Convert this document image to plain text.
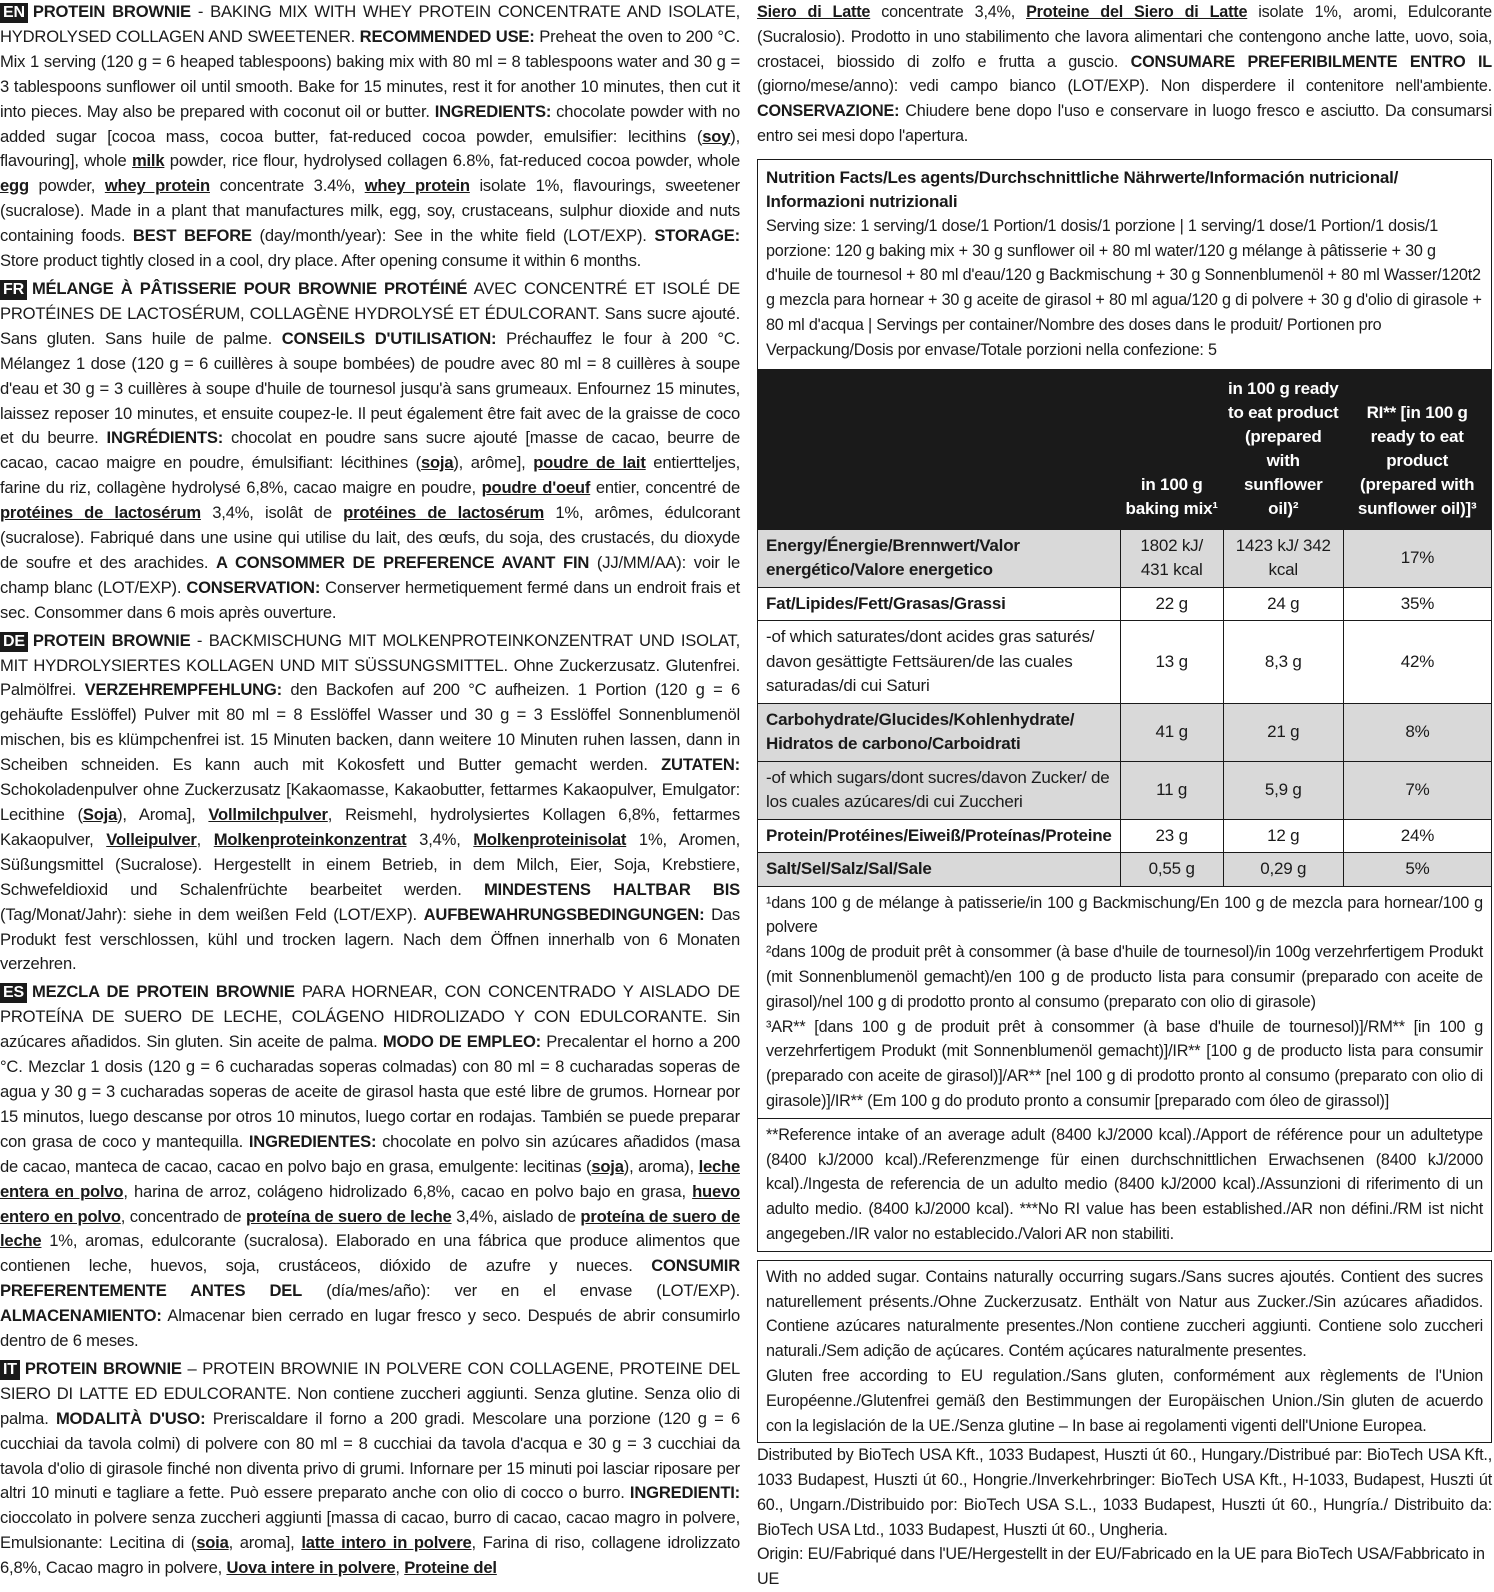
EN PROTEIN BROWNIE - BAKING MIX WITH WHEY PROTEIN CONCENTRATE AND ISOLATE, HYDROLYSED COLLAGEN AND SWEETENER. RECOMMENDED USE: Preheat the oven to 200 °C. Mix 1 serving (120 g = 6 heaped tablespoons) baking mix with 80 ml = 8 tablespoons water and 30 g = 3 tablespoons sunflower oil until smooth. Bake for 15 minutes, rest it for another 10 minutes, then cut it into pieces. May also be prepared with coconut oil or butter. INGREDIENTS: chocolate powder with no added sugar [cocoa mass, cocoa butter, fat-reduced cocoa powder, emulsifier: lecithins (soy), flavouring], whole milk powder, rice flour, hydrolysed collagen 6.8%, fat-reduced cocoa powder, whole egg powder, whey protein concentrate 3.4%, whey protein isolate 1%, flavourings, sweetener (sucralose). Made in a plant that manufactures milk, egg, soy, crustaceans, sulphur dioxide and nuts containing foods. BEST BEFORE (day/month/year): See in the white field (LOT/EXP). STORAGE: Store product tightly closed in a cool, dry place. After opening consume it within 6 months.

FR MÉLANGE À PÂTISSERIE POUR BROWNIE PROTÉINÉ AVEC CONCENTRÉ ET ISOLÉ DE PROTÉINES DE LACTOSÉRUM, COLLAGÈNE HYDROLYSÉ ET ÉDULCORANT. Sans sucre ajouté. Sans gluten. Sans huile de palme. CONSEILS D'UTILISATION: Préchauffez le four à 200 °C. Mélangez 1 dose (120 g = 6 cuillères à soupe bombées) de poudre avec 80 ml = 8 cuillères à soupe d'eau et 30 g = 3 cuillères à soupe d'huile de tournesol jusqu'à sans grumeaux. Enfournez 15 minutes, laissez reposer 10 minutes, et ensuite coupez-le. Il peut également être fait avec de la graisse de coco et du beurre. INGRÉDIENTS: chocolat en poudre sans sucre ajouté [masse de cacao, beurre de cacao, cacao maigre en poudre, émulsifiant: lécithines (soja), arôme], poudre de lait entiertteljes, farine du riz, collagène hydrolysé 6,8%, cacao maigre en poudre, poudre d'oeuf entier, concentré de protéines de lactosérum 3,4%, isolât de protéines de lactosérum 1%, arômes, édulcorant (sucralose). Fabriqué dans une usine qui utilise du lait, des œufs, du soja, des crustacés, du dioxyde de soufre et des arachides. A CONSOMMER DE PREFERENCE AVANT FIN (JJ/MM/AA): voir le champ blanc (LOT/EXP). CONSERVATION: Conserver hermetiquement fermé dans un endroit frais et sec. Consommer dans 6 mois après ouverture.

DE PROTEIN BROWNIE - BACKMISCHUNG MIT MOLKENPROTEINKONZENTRAT UND ISOLAT, MIT HYDROLYSIERTES KOLLAGEN UND MIT SÜSSUNGSMITTEL. Ohne Zuckerzusatz. Glutenfrei. Palmölfrei. VERZEHREMPFEHLUNG: den Backofen auf 200 °C aufheizen. 1 Portion (120 g = 6 gehäufte Esslöffel) Pulver mit 80 ml = 8 Esslöffel Wasser und 30 g = 3 Esslöffel Sonnenblumenöl mischen, bis es klümpchenfrei ist. 15 Minuten backen, dann weitere 10 Minuten ruhen lassen, dann in Scheiben schneiden. Es kann auch mit Kokosfett und Butter gemacht werden. ZUTATEN: Schokoladenpulver ohne Zuckerzusatz [Kakaomasse, Kakaobutter, fettarmes Kakaopulver, Emulgator: Lecithine (Soja), Aroma], Vollmilchpulver, Reismehl, hydrolysiertes Kollagen 6,8%, fettarmes Kakaopulver, Volleipulver, Molkenproteinkonzentrat 3,4%, Molkenproteinisolat 1%, Aromen, Süßungsmittel (Sucralose). Hergestellt in einem Betrieb, in dem Milch, Eier, Soja, Krebstiere, Schwefeldioxid und Schalenfrüchte bearbeitet werden. MINDESTENS HALTBAR BIS (Tag/Monat/Jahr): siehe in dem weißen Feld (LOT/EXP). AUFBEWAHRUNGSBEDINGUNGEN: Das Produkt fest verschlossen, kühl und trocken lagern. Nach dem Öffnen innerhalb von 6 Monaten verzehren.

ES MEZCLA DE PROTEIN BROWNIE PARA HORNEAR, CON CONCENTRADO Y AISLADO DE PROTEÍNA DE SUERO DE LECHE, COLÁGENO HIDROLIZADO Y CON EDULCORANTE. Sin azúcares añadidos. Sin gluten. Sin aceite de palma. MODO DE EMPLEO: Precalentar el horno a 200 °C. Mezclar 1 dosis (120 g = 6 cucharadas soperas colmadas) con 80 ml = 8 cucharadas soperas de agua y 30 g = 3 cucharadas soperas de aceite de girasol hasta que esté libre de grumos. Hornear por 15 minutos, luego descanse por otros 10 minutos, luego cortar en rodajas. También se puede preparar con grasa de coco y mantequilla. INGREDIENTES: chocolate en polvo sin azúcares añadidos (masa de cacao, manteca de cacao, cacao en polvo bajo en grasa, emulgente: lecitinas (soja), aroma), leche entera en polvo, harina de arroz, colágeno hidrolizado 6,8%, cacao en polvo bajo en grasa, huevo entero en polvo, concentrado de proteína de suero de leche 3,4%, aislado de proteína de suero de leche 1%, aromas, edulcorante (sucralosa). Elaborado en una fábrica que produce alimentos que contienen leche, huevos, soja, crustáceos, dióxido de azufre y nueces. CONSUMIR PREFERENTEMENTE ANTES DEL (día/mes/año): ver en el envase (LOT/EXP). ALMACENAMIENTO: Almacenar bien cerrado en lugar fresco y seco. Después de abrir consumirlo dentro de 6 meses.

IT PROTEIN BROWNIE – PROTEIN BROWNIE IN POLVERE CON COLLAGENE, PROTEINE DEL SIERO DI LATTE ED EDULCORANTE. Non contiene zuccheri aggiunti. Senza glutine. Senza olio di palma. MODALITÀ D'USO: Preriscaldare il forno a 200 gradi. Mescolare una porzione (120 g = 6 cucchiai da tavola colmi) di polvere con 80 ml = 8 cucchiai da tavola d'acqua e 30 g = 3 cucchiai da tavola d'olio di girasole finché non diventa privo di grumi. Infornare per 15 minuti poi lasciar riposare per altri 10 minuti e tagliare a fette. Può essere preparato anche con olio di cocco o burro. INGREDIENTI: cioccolato in polvere senza zuccheri aggiunti [massa di cacao, burro di cacao, cacao magro in polvere, Emulsionante: Lecitina di (soia, aroma], latte intero in polvere, Farina di riso, collagene idrolizzato 6,8%, Cacao magro in polvere, Uova intere in polvere, Proteine del

Siero di Latte concentrate 3,4%, Proteine del Siero di Latte isolate 1%, aromi, Edulcorante (Sucralosio). Prodotto in uno stabilimento che lavora alimentari che contengono anche latte, uovo, soia, crostacei, biossido di zolfo e frutta a guscio. CONSUMARE PREFERIBILMENTE ENTRO IL (giorno/mese/anno): vedi campo bianco (LOT/EXP). Non disperdere il contenitore nell'ambiente. CONSERVAZIONE: Chiudere bene dopo l'uso e conservare in luogo fresco e asciutto. Da consumarsi entro sei mesi dopo l'apertura.

Nutrition Facts/Les agents/Durchschnittliche Nährwerte/Información nutricional/ Informazioni nutrizionali
Serving size: 1 serving/1 dose/1 Portion/1 dosis/1 porzione | 1 serving/1 dose/1 Portion/1 dosis/1 porzione: 120 g baking mix + 30 g sunflower oil + 80 ml water/120 g mélange à pâtisserie + 30 g d'huile de tournesol + 80 ml d'eau/120 g Backmischung + 30 g Sonnenblumenöl + 80 ml Wasser/120t2 g mezcla para hornear + 30 g aceite de girasol + 80 ml agua/120 g di polvere + 30 g d'olio di girasole + 80 ml d'acqua | Servings per container/Nombre des doses dans le produit/ Portionen pro Verpackung/Dosis por envase/Totale porzioni nella confezione: 5
	in 100 g baking mix¹	in 100 g ready to eat product (prepared with sunflower oil)²	RI** [in 100 g ready to eat product (prepared with sunflower oil)]³
Energy/Énergie/Brennwert/Valor energético/Valore energetico	1802 kJ/ 431 kcal	1423 kJ/ 342 kcal	17%
Fat/Lipides/Fett/Grasas/Grassi	22 g	24 g	35%
-of which saturates/dont acides gras saturés/ davon gesättigte Fettsäuren/de las cuales saturadas/di cui Saturi	13 g	8,3 g	42%
Carbohydrate/Glucides/Kohlenhydrate/ Hidratos de carbono/Carboidrati	41 g	21 g	8%
-of which sugars/dont sucres/davon Zucker/ de los cuales azúcares/di cui Zuccheri	11 g	5,9 g	7%
Protein/Protéines/Eiweiß/Proteínas/Proteine	23 g	12 g	24%
Salt/Sel/Salz/Sal/Sale	0,55 g	0,29 g	5%
¹dans 100 g de mélange à patisserie/in 100 g Backmischung/En 100 g de mezcla para hornear/100 g polvere
²dans 100g de produit prêt à consommer (à base d'huile de tournesol)/in 100g verzehrfertigem Produkt (mit Sonnenblumenöl gemacht)/en 100 g de producto lista para consumir (preparado con aceite de girasol)/nel 100 g di prodotto pronto al consumo (preparato con olio di girasole)
³AR** [dans 100 g de produit prêt à consommer (à base d'huile de tournesol)]/RM** [in 100 g verzehrfertigem Produkt (mit Sonnenblumenöl gemacht)]/IR** [100 g de producto lista para consumir (preparado con aceite de girasol)]/AR** [nel 100 g di prodotto pronto al consumo (preparato con olio di girasole)]/IR** (Em 100 g do produto pronto a consumir [preparado com óleo de girassol)]
**Reference intake of an average adult (8400 kJ/2000 kcal)./Apport de référence pour un adultetype (8400 kJ/2000 kcal)./Referenzmenge für einen durchschnittlichen Erwachsenen (8400 kJ/2000 kcal)./Ingesta de referencia de un adulto medio (8400 kJ/2000 kcal)./Assunzioni di riferimento di un adulto medio. (8400 kJ/2000 kcal). ***No RI value has been established./AR non défini./RM ist nicht angegeben./IR valor no establecido./Valori AR non stabiliti.
With no added sugar. Contains naturally occurring sugars./Sans sucres ajoutés. Contient des sucres naturellement présents./Ohne Zuckerzusatz. Enthält von Natur aus Zucker./Sin azúcares añadidos. Contiene azúcares naturalmente presentes./Non contiene zuccheri aggiunti. Contiene solo zuccheri naturali./Sem adição de açúcares. Contém açúcares naturalmente presentes.
Gluten free according to EU regulation./Sans gluten, conformément aux règlements de l'Union Européenne./Glutenfrei gemäß den Bestimmungen der Europäischen Union./Sin gluten de acuerdo con la legislación de la UE./Senza glutine – In base ai regolamenti vigenti dell'Unione Europea.

Distributed by BioTech USA Kft., 1033 Budapest, Huszti út 60., Hungary./Distribué par: BioTech USA Kft., 1033 Budapest, Huszti út 60., Hongrie./Inverkehrbringer: BioTech USA Kft., H-1033, Budapest, Huszti út 60., Ungarn./Distribuido por: BioTech USA S.L., 1033 Budapest, Huszti út 60., Hungría./ Distribuito da: BioTech USA Ltd., 1033 Budapest, Huszti út 60., Ungheria.

Origin: EU/Fabriqué dans l'UE/Hergestellt in der EU/Fabricado en la UE para BioTech USA/Fabbricato in UE
